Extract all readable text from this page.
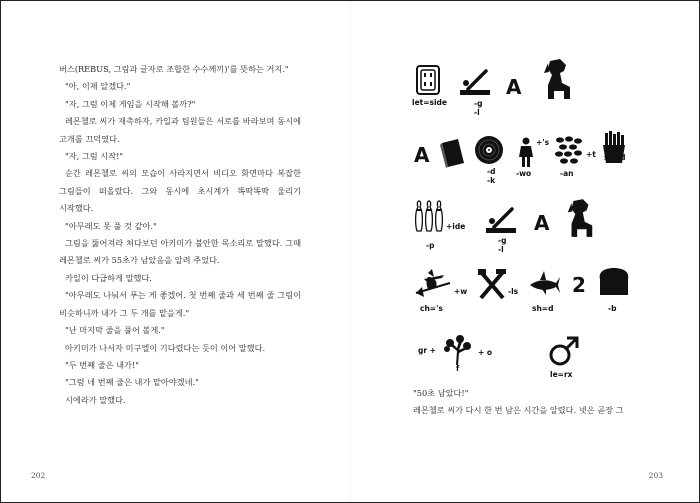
버스(REBUS, 그림과 글자로 조합한 수수께끼)'를 뜻하는 거지."

"아, 이제 알겠다."

"자, 그럼 이제 게임을 시작해 볼까?"

레몬첼로 씨가 재촉하자, 카일과 팀원들은 서로를 바라보며 동시에 고개를 끄덕였다.

"자, 그럼 시작!"

순간 레몬첼로 씨의 모습이 사라지면서 비디오 화면마다 복잡한 그림들이 떠올랐다. 그와 동시에 초시계가 똑딱똑딱 울리기 시작했다.

"아무래도 못 풀 것 같아."

그림을 뚫어져라 쳐다보던 아키미가 불안한 목소리로 말했다. 그때 레몬첼로 씨가 55초가 남았음을 알려 주었다.

카일이 다급하게 말했다.

"아무래도 나눠서 푸는 게 좋겠어. 첫 번째 줄과 세 번째 줄 그림이 비슷하니까 내가 그 두 개를 맡을게."

"난 마지막 줄을 풀어 볼게."

아키미가 나서자 미구엘이 기다렸다는 듯이 이어 말했다.

"두 번째 줄은 내가!"

"그럼 네 번째 줄은 내가 맡아야겠네."

시에라가 말했다.

202
let=side	-g
-l
A
A
-d
-k
+'s
-wo
+t
-an
s=nd
+ide
-p
-g
-l
A
+w
ch='s
-ls
sh=d
2
-b
gr +	+ o
f
le=rx

"50초 남았다!"

레몬첼로 씨가 다시 한 번 남은 시간을 알렸다. 넷은 곧장 그

203
